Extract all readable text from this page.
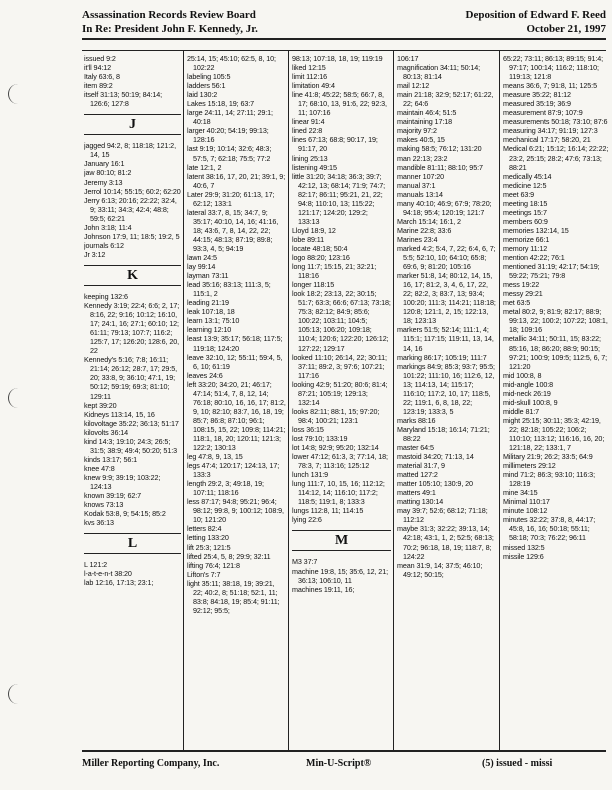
Assassination Records Review Board
In Re: President John F. Kennedy, Jr.
Deposition of Edward F. Reed
October 21, 1997
issued 9:2
it'll 94:12
Italy 63:6, 8
item 89:2
itself 31:13; 50:19; 84:14; 126:6; 127:8
J
jagged 94:2, 8; 118:18; 121:2, 14, 15
January 16:1
jaw 80:10; 81:2
Jeremy 3:13
Jerrol 10:14; 55:15; 60:2; 62:20
Jerry 6:13; 20:16; 22:22; 32:4, 9; 33:11; 34:3; 42:4; 48:8; 59:5; 62:21
John 3:18; 11:4
Johnson 17:9, 11; 18:5; 19:2, 5
journals 6:12
Jr 3:12
K
keeping 132:6
Kennedy 3:19; 22:4; 6:6; 2, 17; 8:16, 22; 9:16; 10:12; 16:10, 17; 24:1, 16; 27:1; 60:10; 12; 61:11; 79:13; 107:7; 116:2; 125:7, 17; 126:20; 128:6, 20, 22
Kennedy's 5:16; 7:8; 16:11; 21:14; 26:12; 28:7, 17; 29:5, 20; 33:8, 9; 36:10; 47:1, 19; 50:12; 59:19; 69:3; 81:10; 129:11
kept 39:20
Kidneys 113:14, 15, 16
kilovoltage 35:22; 36:13; 51:17
kilovolts 36:14
kind 14:3; 19:10; 24:3; 26:5; 31:5; 38:9; 49:4; 50:20; 51:3
kinds 13:17; 56:1
knee 47:8
knew 9:9; 39:19; 103:22; 124:13
known 39:19; 62:7
knows 73:13
Kodak 53:8, 9; 54:15; 85:2
kvs 36:13
L
L 121:2
l-a-t-e-n-t 38:20
lab 12:16, 17:13; 23:1;
25:14, 15; 45:10; 62:5, 8, 10; 102:22
labeling 105:5
ladders 56:1
laid 130:2
Lakes 15:18, 19; 63:7
large 24:11, 14; 27:11; 29:1; 40:18
larger 40:20; 54:19; 99:13; 128:16
last 9:19; 10:14; 32:6; 48:3; 57:5, 7; 62:18; 75:5; 77:2
late 12:1, 2
latent 38:16, 17, 20, 21; 39:1, 9; 40:6, 7
Later 29:9; 31:20; 61:13, 17; 62:12; 133:1
lateral 33:7, 8, 15; 34:7, 9; 35:17; 40:10, 14, 16; 41:16, 18; 43:6, 7, 8, 14, 22, 22; 44:15; 48:13; 87:19; 89:8; 93:3, 4, 5; 94:19
lawn 24:5
lay 99:14
layman 73:11
lead 35:16; 83:13; 111:3, 5; 115:1, 2
leading 21:19
leak 107:18, 18
learn 13:1; 75:10
learning 12:10
least 13:9; 35:17; 56:18; 117:5; 119:18; 124:20
leave 32:10, 12; 55:11; 59:4, 5, 6, 10; 61:19
leaves 24:6
left 33:20; 34:20, 21; 46:17; 47:14; 51:4, 7, 8, 12, 14; 76:18; 80:10, 16, 16, 17; 81:2, 9, 10; 82:10; 83:7, 16, 18, 19; 85:7; 86:8; 87:10; 96:1; 108:15, 15, 22; 109:8; 114:21; 118:1, 18, 20; 120:11; 121:3; 122:2; 130:13
leg 47:8, 9, 13, 15
legs 47:4; 120:17; 124:13, 17; 133:3
length 29:2, 3; 49:18, 19; 107:11; 118:16
less 87:17; 94:8; 95:21; 96:4; 98:12; 99:8, 9; 100:12; 108:9, 10; 121:20
letters 82:4
letting 133:20
lift 25:3; 121:5
lifted 25:4, 5, 8; 29:9; 32:11
lifting 76:4; 121:8
Lifton's 7:7
light 35:11; 38:18, 19; 39:21, 22; 40:2, 8; 51:18; 52:1, 11; 83:8; 84:18, 19; 85:4; 91:11; 92:12; 95:5;
98:13; 107:18, 18, 19; 119:19
liked 12:15
limit 112:16
limitation 49:4
line 41:8; 45:22; 58:5; 66:7, 8, 17; 68:10, 13, 91:6, 22; 92:3, 11; 107:16
linear 91:4
lined 22:8
lines 67:13; 68:8; 90:17, 19; 91:17, 20
lining 25:13
listening 49:15
little 31:20; 34:18; 36:3; 39:7; 42:12, 13; 68:14; 71:9; 74:7; 82:17; 86:11; 95:21, 21, 22; 94:8; 110:10, 13; 115:22; 121:17; 124:20; 129:2; 133:13
Lloyd 18:9, 12
lobe 89:11
locate 48:18; 50:4
logo 88:20; 123:16
long 11:7; 15:15, 21; 32:21; 118:16
longer 118:15
look 18:2; 23:13, 22; 30:15; 51:7; 63:3; 66:6; 67:13; 73:18; 75:3; 82:12; 84:9; 85:6; 100:22; 103:11; 104:5; 105:13; 106:20; 109:18; 110:4; 120:6; 122:20; 126:12; 127:22; 129:17
looked 11:10; 26:14, 22; 30:11; 37:11; 89:2, 3; 97:6; 107:21; 117:16
looking 42:9; 51:20; 80:6; 81:4; 87:21; 105:19; 129:13; 132:14
looks 82:11; 88:1, 15; 97:20; 98:4; 100:21; 123:1
loss 36:15
lost 79:10; 133:19
lot 14:8; 92:9; 95:20; 132:14
lower 47:12; 61:3, 3; 77:14, 18; 78:3, 7; 113:16; 125:12
lunch 131:9
lung 111:7, 10, 15, 16; 112:12; 114:12, 14; 116:10; 117:2; 118:5; 119:1, 8; 133:3
lungs 112:8, 11; 114:15
lying 22:6
M
M3 37:7
machine 19:8, 15; 35:6, 12, 21; 36:13; 106:10, 11
machines 19:11, 16;
106:17
magnification 34:11; 50:14; 80:13; 81:14
mail 12:12
main 21:18; 32:9; 52:17; 61:22, 22; 64:6
maintain 46:4; 51:5
maintaining 17:18
majority 97:2
makes 40:5, 15
making 58:5; 76:12; 131:20
man 22:13; 23:2
mandible 81:11; 88:10; 95:7
manner 107:20
manual 37:1
manuals 13:14
many 40:10; 46:9; 67:9; 78:20; 94:18; 95:4; 120:19; 121:7
March 15:14; 16:1, 2
Marine 22:8; 33:6
Marines 23:4
marked 4:2; 5:4, 7, 22; 6:4, 6, 7; 5:5; 52:10, 10; 64:10; 65:8; 69:6, 9; 81:20; 105:16
marker 51:8, 14; 80:12, 14, 15, 16, 17; 81:2, 3, 4, 6, 17, 22, 22; 82:2, 3; 83:7, 13; 93:4; 100:20; 111:3; 114:21; 118:18; 120:8; 121:1, 2, 15; 122:13, 18; 123:13
markers 51:5; 52:14; 111:1, 4; 115:1; 117:15; 119:11, 13, 14, 14, 16
marking 86:17; 105:19; 111:7
markings 84:9; 85:3; 93:7; 95:5; 101:22; 111:10, 16; 112:6, 12, 13; 114:13, 14; 115:17; 116:10; 117:2, 10, 17; 118:5, 22; 119:1, 6, 8, 18, 22; 123:19; 133:3, 5
marks 88:16
Maryland 15:18; 16:14; 71:21; 88:22
master 64:5
mastoid 34:20; 71:13, 14
material 31:7, 9
matted 127:2
matter 105:10; 130:9, 20
matters 49:1
matting 130:14
may 39:7; 52:6; 68:12; 71:18; 112:12
maybe 31:3; 32:22; 39:13, 14; 42:18; 43:1, 1, 2; 52:5; 68:13; 70:2; 96:18, 18, 19; 118:7, 8; 124:22
mean 31:9, 14; 37:5; 46:10; 49:12; 50:15;
65:22; 73:11; 86:13; 89:15; 91:4; 97:17; 100:14; 116:2; 118:10; 119:13; 121:8
means 36:6, 7; 91:8, 11; 125:5
measure 35:22; 81:12
measured 35:19; 36:9
measurement 87:9; 107:9
measurements 50:18; 73:10; 87:6
measuring 34:17; 91:19; 127:3
mechanical 17:17; 58:20, 21
Medical 6:21; 15:12; 16:14; 22:22; 23:2, 25:15; 28:2; 47:6; 73:13; 88:21
medically 45:14
medicine 12:5
meet 63:9
meeting 18:15
meetings 15:7
members 60:9
memories 132:14, 15
memorize 66:1
memory 11:12
mention 42:22; 76:1
mentioned 31:19; 42:17; 54:19; 59:22; 75:21; 79:8
mess 19:22
messy 29:21
met 63:5
metal 80:2, 9; 81:9; 82:17; 88:9; 99:13, 22; 100:2; 107:22; 108:1, 18; 109:16
metallic 34:11; 50:11, 15; 83:22; 85:16, 18; 86:20; 88:9; 90:15; 97:21; 100:9; 109:5; 112:5, 6, 7; 121:20
mid 100:8, 8
mid-angle 100:8
mid-neck 26:19
mid-skull 100:8, 9
middle 81:7
might 25:15; 30:11; 35:3; 42:19, 22; 82:18; 105:22; 106:2; 110:10; 113:12; 116:16, 16, 20; 121:18, 22; 133:1, 7
Military 21:9; 26:2; 33:5; 64:9
millimeters 29:12
mind 71:2; 86:3; 93:10; 116:3; 128:19
mine 34:15
Minimal 110:17
minute 108:12
minutes 32:22; 37:8, 8, 44:17; 45:8, 16, 16; 50:18; 55:11; 58:18; 70:3; 76:22; 96:11
missed 132:5
missile 129:6
Miller Reporting Company, Inc.	Min-U-Script®	(5) issued - missi
